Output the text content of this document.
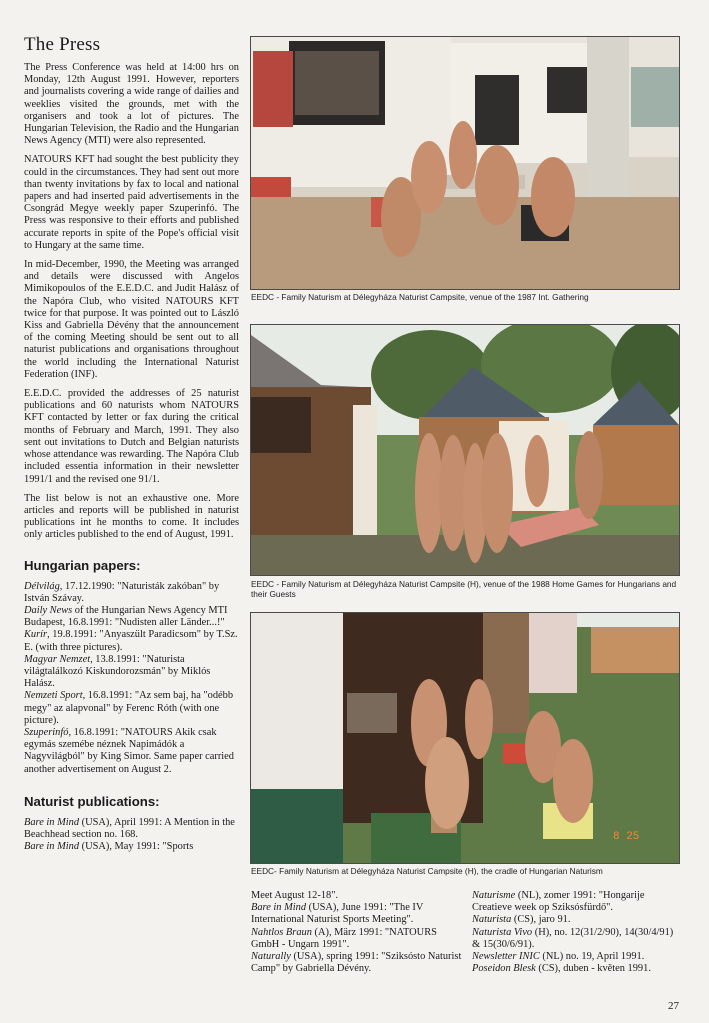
The Press

The Press Conference was held at 14:00 hrs on Monday, 12th August 1991. However, reporters and journalists covering a wide range of dailies and weeklies visited the grounds, met with the organisers and took a lot of pictures. The Hungarian Television, the Radio and the Hungarian News Agency (MTI) were also represented.

NATOURS KFT had sought the best publicity they could in the circumstances. They had sent out more than twenty invitations by fax to local and national papers and had inserted paid advertisements in the Csongrád Megye weekly paper Szuperinfó. The Press was responsive to their efforts and published accurate reports in spite of the Pope's official visit to Hungary at the same time.

In mid-December, 1990, the Meeting was arranged and details were discussed with Angelos Mimikopoulos of the E.E.D.C. and Judit Halász of the Napóra Club, who visited NATOURS KFT twice for that purpose. It was pointed out to László Kiss and Gabriella Dévény that the announcement of the coming Meeting should be sent out to all naturist publications and organisations throughout the world including the International Naturist Federation (INF).

E.E.D.C. provided the addresses of 25 naturist publications and 60 naturists whom NATOURS KFT contacted by letter or fax during the critical months of February and March, 1991. They also sent out invitations to Dutch and Belgian naturists whose attendance was rewarding. The Napóra Club included essentia information in their newsletter 1991/1 and the revised one 91/1.

The list below is not an exhaustive one. More articles and reports will be published in naturist publications int he months to come. It includes only articles published to the end of August, 1991.

Hungarian papers:

Délvilág, 17.12.1990: "Naturisták zakóban" by István Szávay.

Daily News of the Hungarian News Agency MTI Budapest, 16.8.1991: "Nudisten aller Länder...!"

Kurír, 19.8.1991: "Anyaszült Paradicsom" by T.Sz. E. (with three pictures).

Magyar Nemzet, 13.8.1991: "Naturista világtalálkozó Kiskundorozsmán" by Miklós Halász.

Nemzeti Sport, 16.8.1991: "Az sem baj, ha "odébb megy" az alapvonal" by Ferenc Róth (with one picture).

Szuperinfó, 16.8.1991: "NATOURS Akik csak egymás szemébe néznek Napimádók a Nagyvilágból" by King Simor. Same paper carried another advertisement on August 2.

Naturist publications:

Bare in Mind (USA), April 1991: A Mention in the Beachhead section no. 168.

Bare in Mind (USA), May 1991: "Sports

EEDC - Family Naturism at Délegyháza Naturist Campsite, venue of the 1987 Int. Gathering
EEDC - Family Naturism at Délegyháza Naturist Campsite (H), venue of the 1988 Home Games for Hungarians and their Guests
8 25
EEDC- Family Naturism at Délegyháza Naturist Campsite (H), the cradle of Hungarian Naturism

Meet August 12-18".

Bare in Mind (USA), June 1991: "The IV International Naturist Sports Meeting".

Nahtlos Braun (A), März 1991: "NATOURS GmbH - Ungarn 1991".

Naturally (USA), spring 1991: "Sziksósto Naturist Camp" by Gabriella Dévény.

Naturisme (NL), zomer 1991: "Hongarije Creatieve week op Sziksósfürdő".

Naturista (CS), jaro 91.

Naturista Vivo (H), no. 12(31/2/90), 14(30/4/91) & 15(30/6/91).

Newsletter INIC (NL) no. 19, April 1991.

Poseidon Blesk (CS), duben - květen 1991.

27
